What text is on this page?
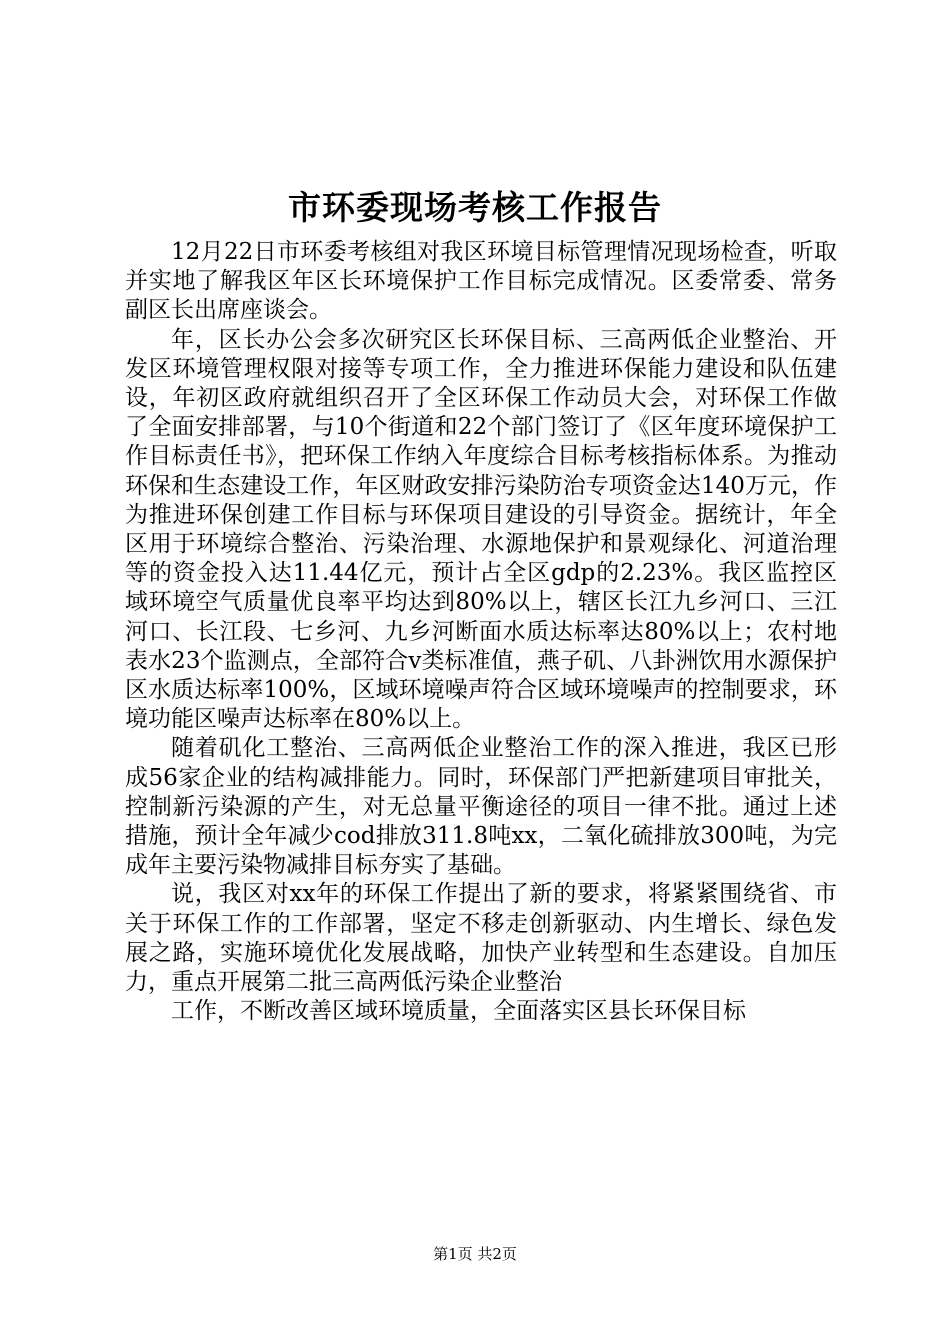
市环委现场考核工作报告

12月22日市环委考核组对我区环境目标管理情况现场检查，听取并实地了解我区年区长环境保护工作目标完成情况。区委常委、常务副区长出席座谈会。

年，区长办公会多次研究区长环保目标、三高两低企业整治、开发区环境管理权限对接等专项工作，全力推进环保能力建设和队伍建设，年初区政府就组织召开了全区环保工作动员大会，对环保工作做了全面安排部署，与10个街道和22个部门签订了《区年度环境保护工作目标责任书》，把环保工作纳入年度综合目标考核指标体系。为推动环保和生态建设工作，年区财政安排污染防治专项资金达140万元，作为推进环保创建工作目标与环保项目建设的引导资金。据统计，年全区用于环境综合整治、污染治理、水源地保护和景观绿化、河道治理等的资金投入达11.44亿元，预计占全区gdp的2.23%。我区监控区域环境空气质量优良率平均达到80%以上，辖区长江九乡河口、三江河口、长江段、七乡河、九乡河断面水质达标率达80%以上；农村地表水23个监测点，全部符合v类标准值，燕子矶、八卦洲饮用水源保护区水质达标率100%，区域环境噪声符合区域环境噪声的控制要求，环境功能区噪声达标率在80%以上。

随着矶化工整治、三高两低企业整治工作的深入推进，我区已形成56家企业的结构减排能力。同时，环保部门严把新建项目审批关，控制新污染源的产生，对无总量平衡途径的项目一律不批。通过上述措施，预计全年减少cod排放311.8吨xx，二氧化硫排放300吨，为完成年主要污染物减排目标夯实了基础。

说，我区对xx年的环保工作提出了新的要求，将紧紧围绕省、市关于环保工作的工作部署，坚定不移走创新驱动、内生增长、绿色发展之路，实施环境优化发展战略，加快产业转型和生态建设。自加压力，重点开展第二批三高两低污染企业整治

工作，不断改善区域环境质量，全面落实区县长环保目标

第1页 共2页
